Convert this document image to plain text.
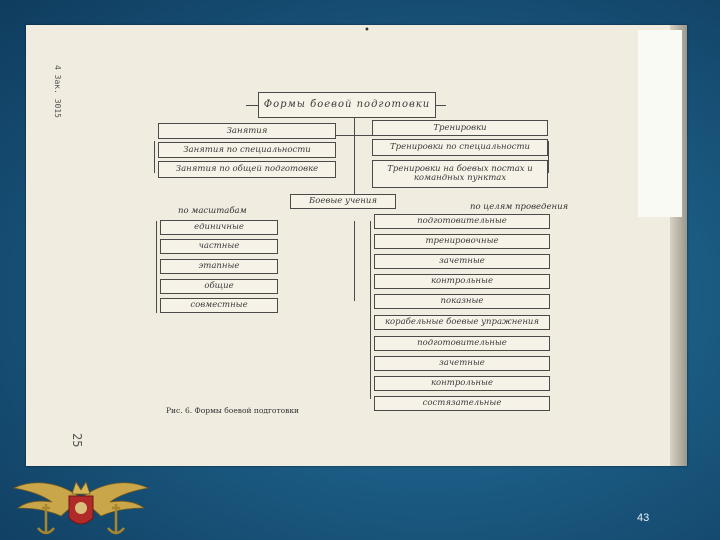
•
4 Зак. 3015
25
Формы боевой подготовки
Занятия
Занятия по специальности
Занятия по общей подготовке
Тренировки
Тренировки по специальности
Тренировки на боевых постах и командных пунктах
Боевые учения
по масштабам	по целям проведения
единичные
частные
этапные
общие
совместные
подготовительные
тренировочные
зачетные
контрольные
показные
корабельные боевые упражнения
подготовительные
зачетные
контрольные
состязательные
Рис. 6. Формы боевой подготовки
43
